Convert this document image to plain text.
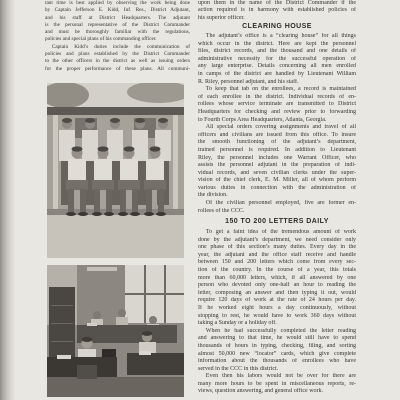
tant time is best applied by observing the work being done
by Captain Jefferson E. Kidd, Inf. Res., District Adjutant,
and his staff at District Headquarters. The adjutant
is the personal representative of the District Commander
and must be thoroughly familiar with the regulations,
policies and special plans of his commanding officer.
Captain Kidd’s duties include the communication of
policies and plans established by the District Commander
to the other officers in the district as well as issuing orders
for the proper performance of these plans. All communi-
upon them in the name of the District Commander if the
action required is in harmony with established policies of
his superior officer.
CLEARING HOUSE
The adjutant’s office is a “clearing house” for all things
which occur in the district. Here are kept the personnel
files, district records, and the thousand and one details of
administrative necessity for the successful operation of
any large enterprise. Details concerning all men enrolled
in camps of the district are handled by Lieutenant William
R. Riley, personnel adjutant, and his staff.
To keep that tab on the enrollees, a record is maintained
of each enrollee in the district. Individual records of en-
rollees whose service terminate are transmitted to District
Headquarters for checking and review prior to forwarding
to Fourth Corps Area Headquarters, Atlanta, Georgia.
All special orders covering assignments and travel of all
officers and civilians are issued from this office. To insure
the smooth functioning of the adjutant’s department,
trained personnel is required. In addition to Lieutenant
Riley, the personnel includes one Warrant Officer, who
assists the personnel adjutant in the preparation of indi-
vidual records, and seven civilian clerks under the super-
vision of the chief clerk, E. M. Miller, all of whom perform
various duties in connection with the administration of
the division.
Of the civilian personnel employed, five are former en-
rollees of the CCC.
150 TO 200 LETTERS DAILY
To get a faint idea of the tremendous amount of work
done by the adjutant’s department, we need consider only
one phase of this section’s many duties. Every day in the
year, the adjutant and the office staff receive and handle
between 150 and 200 letters which come from every sec-
tion of the country. In the course of a year, this totals
more than 60,000 letters, which, if all answered by one
person who devoted only one-half an hour to reading the
letter, composing an answer and then typing it out, would
require 120 days of work at the rate of 24 hours per day.
If he worked eight hours a day continuously, without
stopping to rest, he would have to work 360 days without
taking a Sunday or a holiday off.
When he had successfully completed the letter reading
and answering to that time, he would still have to spend
thousands of hours in typing, checking, filing, and sorting
almost 50,000 new “locator” cards, which give complete
information about the thousands of enrollees who have
served in the CCC in this district.
Even then his labors would not be over for there are
many more hours to be spent in miscellaneous reports, re-
views, question answering, and general office work.
